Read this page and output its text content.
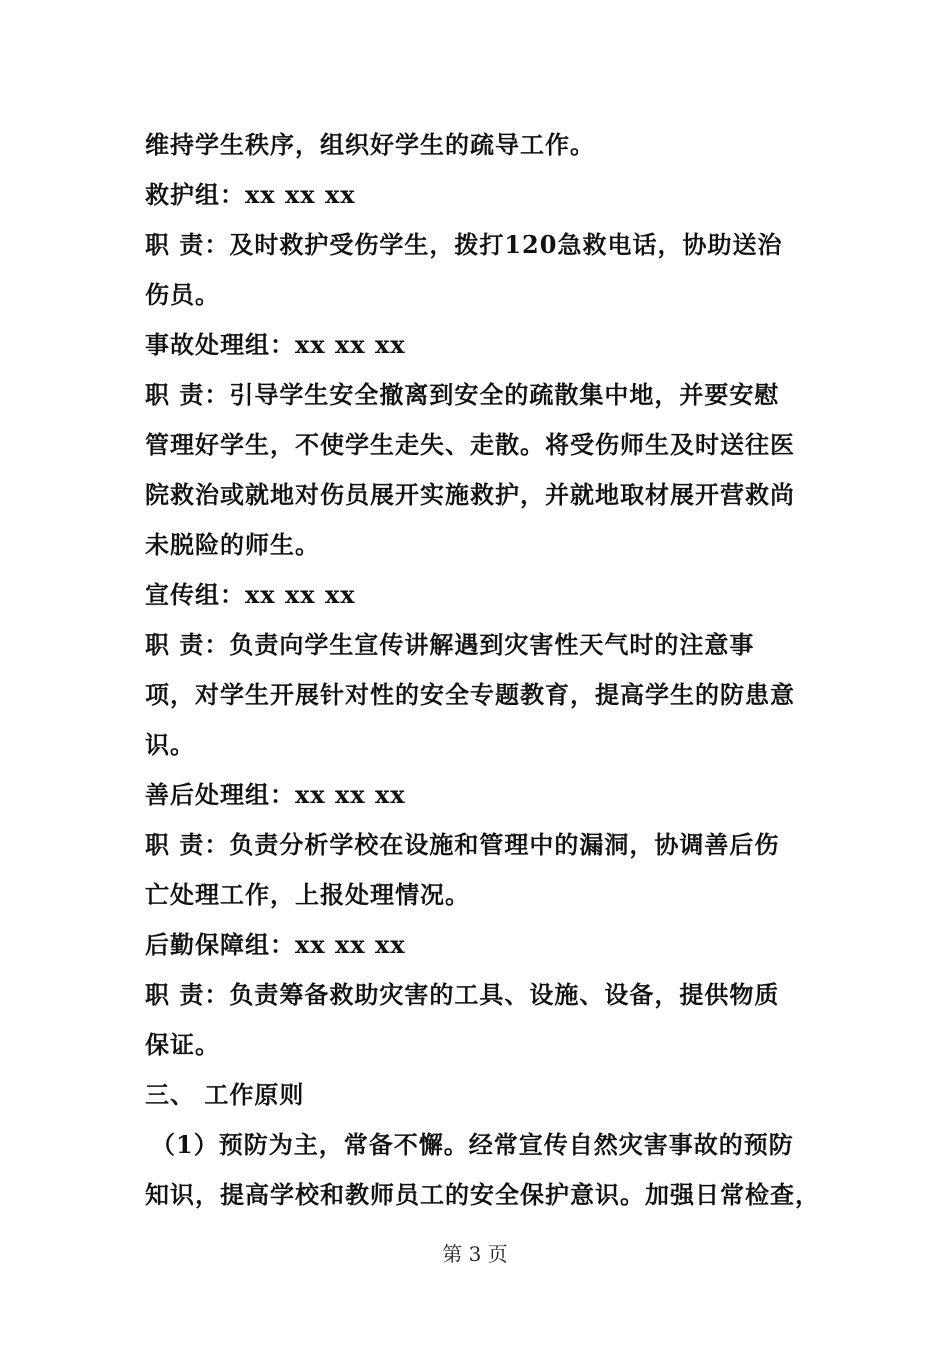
维持学生秩序，组织好学生的疏导工作。
救护组：xx xx xx
职 责：及时救护受伤学生，拨打120急救电话，协助送治
伤员。
事故处理组：xx xx xx
职 责：引导学生安全撤离到安全的疏散集中地，并要安慰
管理好学生，不使学生走失、走散。将受伤师生及时送往医
院救治或就地对伤员展开实施救护，并就地取材展开营救尚
未脱险的师生。
宣传组：xx xx xx
职 责：负责向学生宣传讲解遇到灾害性天气时的注意事
项，对学生开展针对性的安全专题教育，提高学生的防患意
识。
善后处理组：xx xx xx
职 责：负责分析学校在设施和管理中的漏洞，协调善后伤
亡处理工作，上报处理情况。
后勤保障组：xx xx xx
职 责：负责筹备救助灾害的工具、设施、设备，提供物质
保证。
三、 工作原则
（1）预防为主，常备不懈。经常宣传自然灾害事故的预防
知识，提高学校和教师员工的安全保护意识。加强日常检查，
第 3 页
